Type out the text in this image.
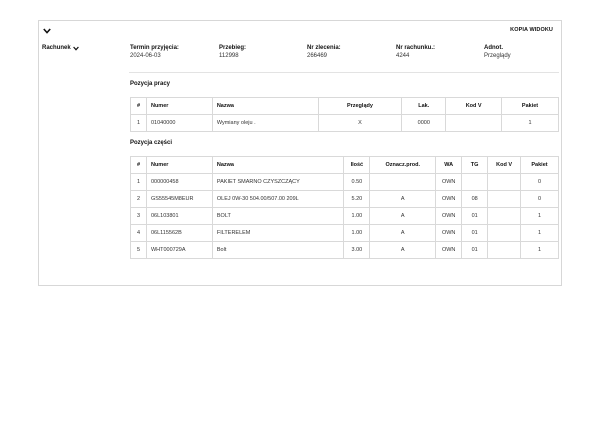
KOPIA WIDOKU
Rachunek	Termin przyjęcia:
2024-06-03
Przebieg:
112998
Nr zlecenia:
266469
Nr rachunku.:
4244
Adnot.
Przeglądy
Pozycja pracy
#	Numer	Nazwa	Przeglądy	Lak.	Kod V	Pakiet
1	01040000	Wymiany oleju .	X	0000		1
Pozycja części
#	Numer	Nazwa	Ilość	Oznacz.prod.	WA	TG	Kod V	Pakiet
1	000000458	PAKIET SMARNO CZYSZCZĄCY	0.50		OWN			0
2	GS55545M8EUR	OLEJ 0W-30 504.00/507.00 209L	5.20	A	OWN	08		0
3	06L103801	BOLT	1.00	A	OWN	01		1
4	06L115562B	FILTERELEM	1.00	A	OWN	01		1
5	WHT000729A	Bolt	3.00	A	OWN	01		1
